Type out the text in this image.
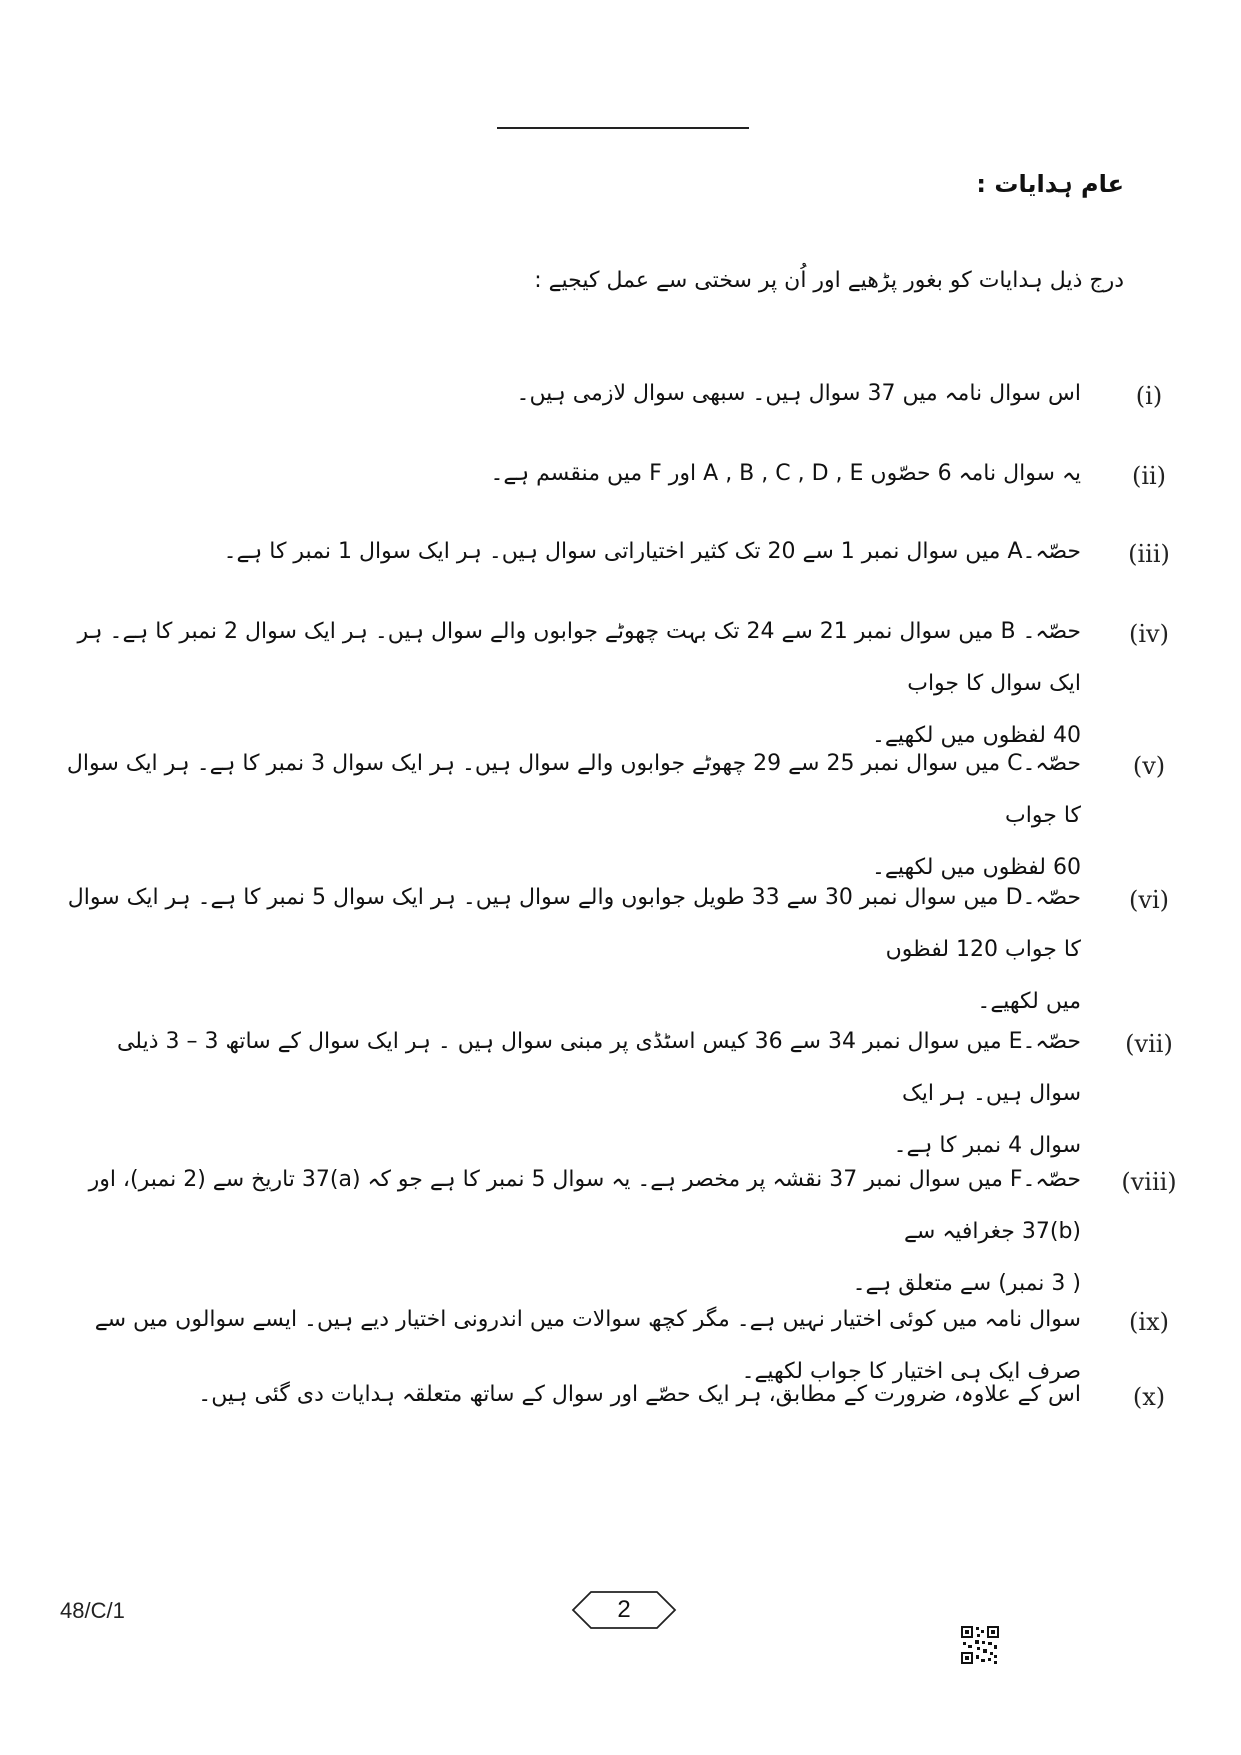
عام ہدایات :
درج ذیل ہدایات کو بغور پڑھیے اور اُن پر سختی سے عمل کیجیے :
(i)
اس سوال نامہ میں 37 سوال ہیں۔ سبھی سوال لازمی ہیں۔
(ii)
یہ سوال نامہ 6 حصّوں A , B , C , D , E اور F میں منقسم ہے۔
(iii)
حصّہ۔A میں سوال نمبر 1 سے 20 تک کثیر اختیاراتی سوال ہیں۔ ہر ایک سوال 1 نمبر کا ہے۔
(iv)
حصّہ۔ B میں سوال نمبر 21 سے 24 تک بہت چھوٹے جوابوں والے سوال ہیں۔ ہر ایک سوال 2 نمبر کا ہے۔ ہر ایک سوال کا جواب
40 لفظوں میں لکھیے۔
(v)
حصّہ۔C میں سوال نمبر 25 سے 29 چھوٹے جوابوں والے سوال ہیں۔ ہر ایک سوال 3 نمبر کا ہے۔ ہر ایک سوال کا جواب
60 لفظوں میں لکھیے۔
(vi)
حصّہ۔D میں سوال نمبر 30 سے 33 طویل جوابوں والے سوال ہیں۔ ہر ایک سوال 5 نمبر کا ہے۔ ہر ایک سوال کا جواب 120 لفظوں
میں لکھیے۔
(vii)
حصّہ۔E میں سوال نمبر 34 سے 36 کیس اسٹڈی پر مبنی سوال ہیں ۔ ہر ایک سوال کے ساتھ 3 – 3 ذیلی سوال ہیں۔ ہر ایک
سوال 4 نمبر کا ہے۔
(viii)
حصّہ۔F میں سوال نمبر 37 نقشہ پر مخصر ہے۔ یہ سوال 5 نمبر کا ہے جو کہ (a)37 تاریخ سے (2 نمبر)، اور (b)37 جغرافیہ سے
( 3 نمبر) سے متعلق ہے۔
(ix)
سوال نامہ میں کوئی اختیار نہیں ہے۔ مگر کچھ سوالات میں اندرونی اختیار دیے ہیں۔ ایسے سوالوں میں سے صرف ایک ہی اختیار کا جواب لکھیے۔
(x)
اس کے علاوہ، ضرورت کے مطابق، ہر ایک حصّے اور سوال کے ساتھ متعلقہ ہدایات دی گئی ہیں۔
48/C/1	2
